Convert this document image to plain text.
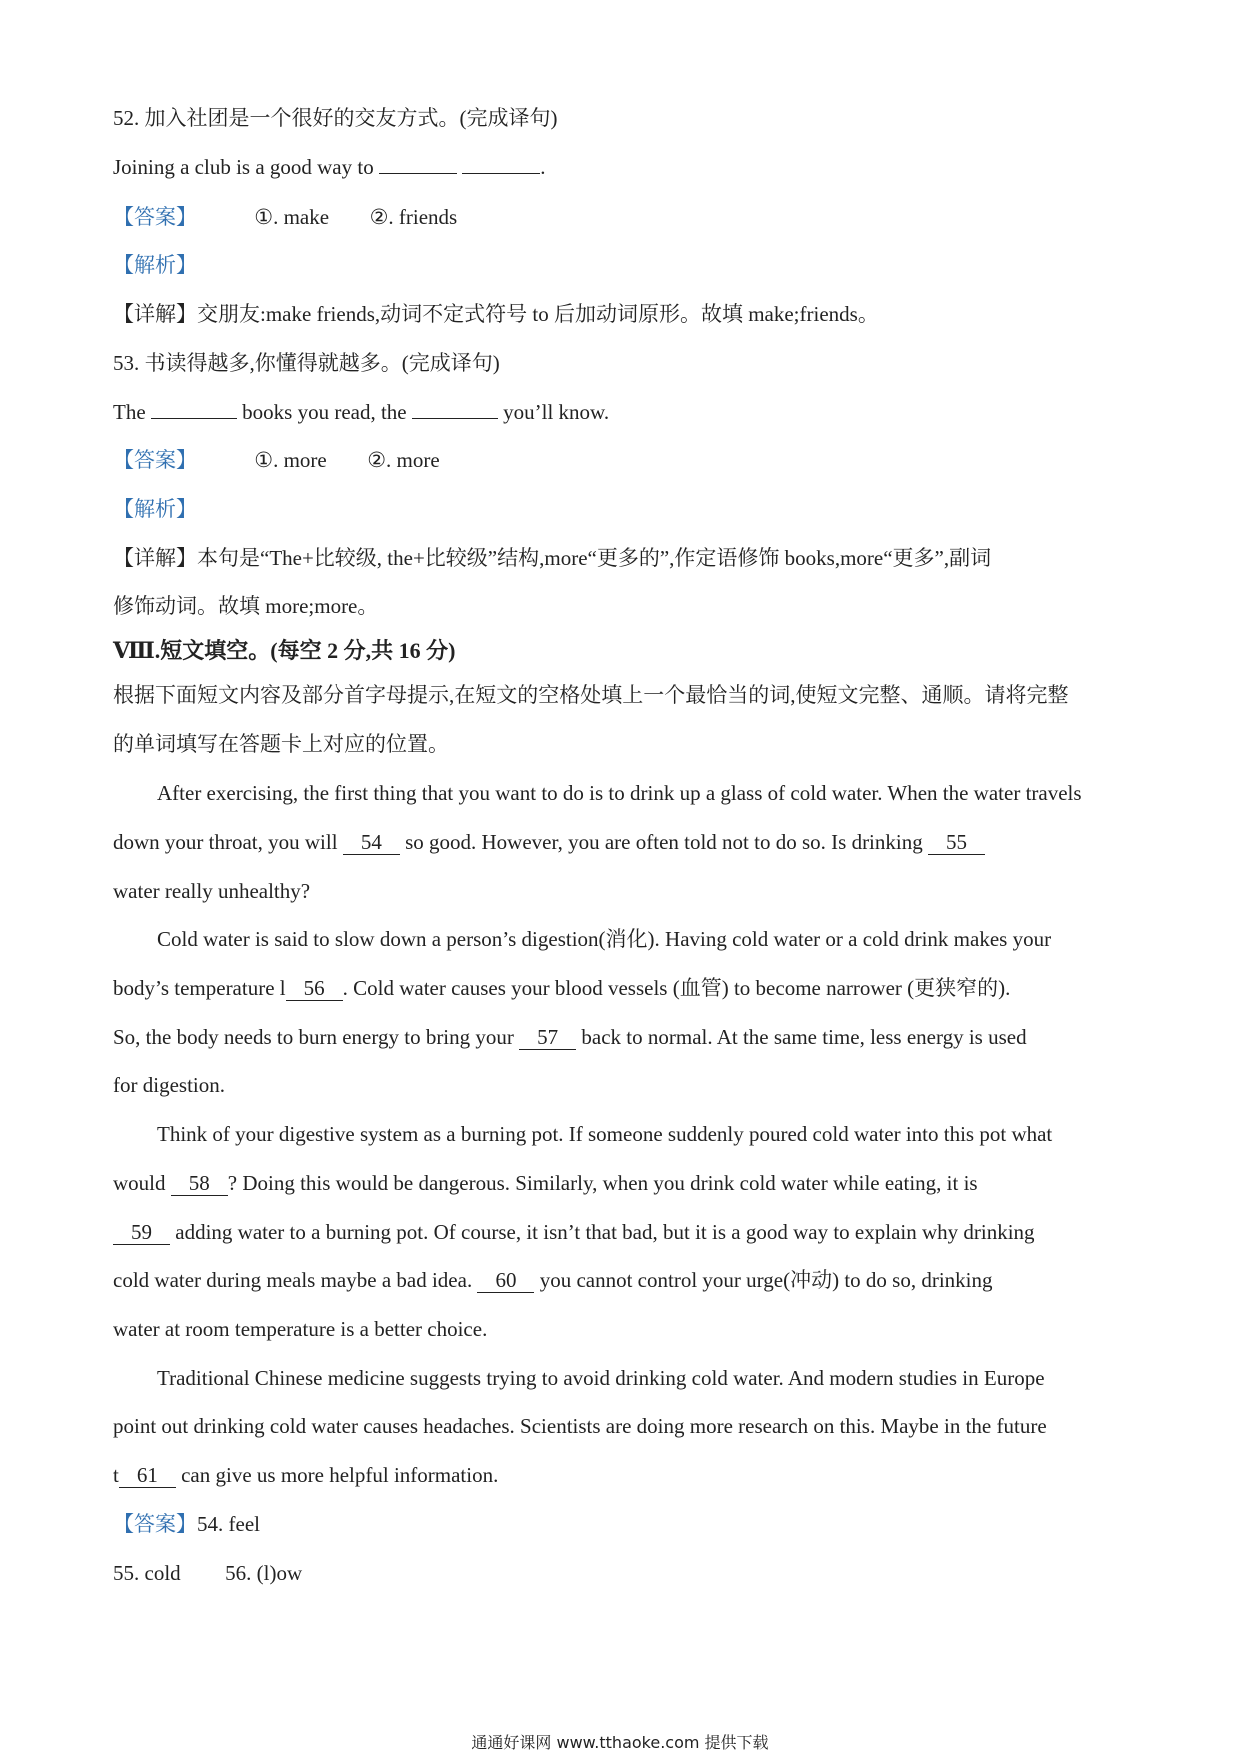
52. 加入社团是一个很好的交友方式。(完成译句)
Joining a club is a good way to	.
【答案】	①. make ②. friends
【解析】
【详解】交朋友:make friends,动词不定式符号 to 后加动词原形。故填 make;friends。
53. 书读得越多,你懂得就越多。(完成译句)
The	books you read, the	you’ll know.
【答案】	①. more ②. more
【解析】
【详解】本句是“The+比较级, the+比较级”结构,more“更多的”,作定语修饰 books,more“更多”,副词
修饰动词。故填 more;more。
Ⅷ.短文填空。(每空 2 分,共 16 分)
根据下面短文内容及部分首字母提示,在短文的空格处填上一个最恰当的词,使短文完整、通顺。请将完整
的单词填写在答题卡上对应的位置。
After exercising, the first thing that you want to do is to drink up a glass of cold water. When the water travels
down your throat, you will 54 so good. However, you are often told not to do so. Is drinking 55
water really unhealthy?
Cold water is said to slow down a person’s digestion(消化). Having cold water or a cold drink makes your
body’s temperature l 56 . Cold water causes your blood vessels (血管) to become narrower (更狭窄的).
So, the body needs to burn energy to bring your 57 back to normal. At the same time, less energy is used
for digestion.
Think of your digestive system as a burning pot. If someone suddenly poured cold water into this pot what
would 58 ? Doing this would be dangerous. Similarly, when you drink cold water while eating, it is
59 adding water to a burning pot. Of course, it isn’t that bad, but it is a good way to explain why drinking
cold water during meals maybe a bad idea. 60 you cannot control your urge(冲动) to do so, drinking
water at room temperature is a better choice.
Traditional Chinese medicine suggests trying to avoid drinking cold water. And modern studies in Europe
point out drinking cold water causes headaches. Scientists are doing more research on this. Maybe in the future
t 61 can give us more helpful information.
【答案】54. feel
55. cold 56. (l)ow
通通好课网 www.tthaoke.com 提供下载
